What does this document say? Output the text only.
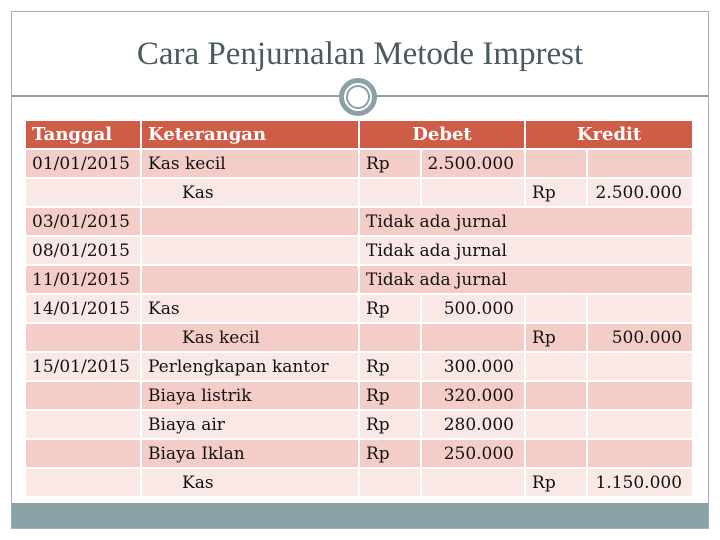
Cara Penjurnalan Metode Imprest
Tanggal	Keterangan	Debet		Kredit	
01/01/2015	Kas kecil	Rp	2.500.000		
	Kas			Rp	2.500.000
03/01/2015		Tidak ada jurnal			
08/01/2015		Tidak ada jurnal			
11/01/2015		Tidak ada jurnal			
14/01/2015	Kas	Rp	500.000		
	Kas kecil			Rp	500.000
15/01/2015	Perlengkapan kantor	Rp	300.000		
	Biaya listrik	Rp	320.000		
	Biaya air	Rp	280.000		
	Biaya Iklan	Rp	250.000		
	Kas			Rp	1.150.000
